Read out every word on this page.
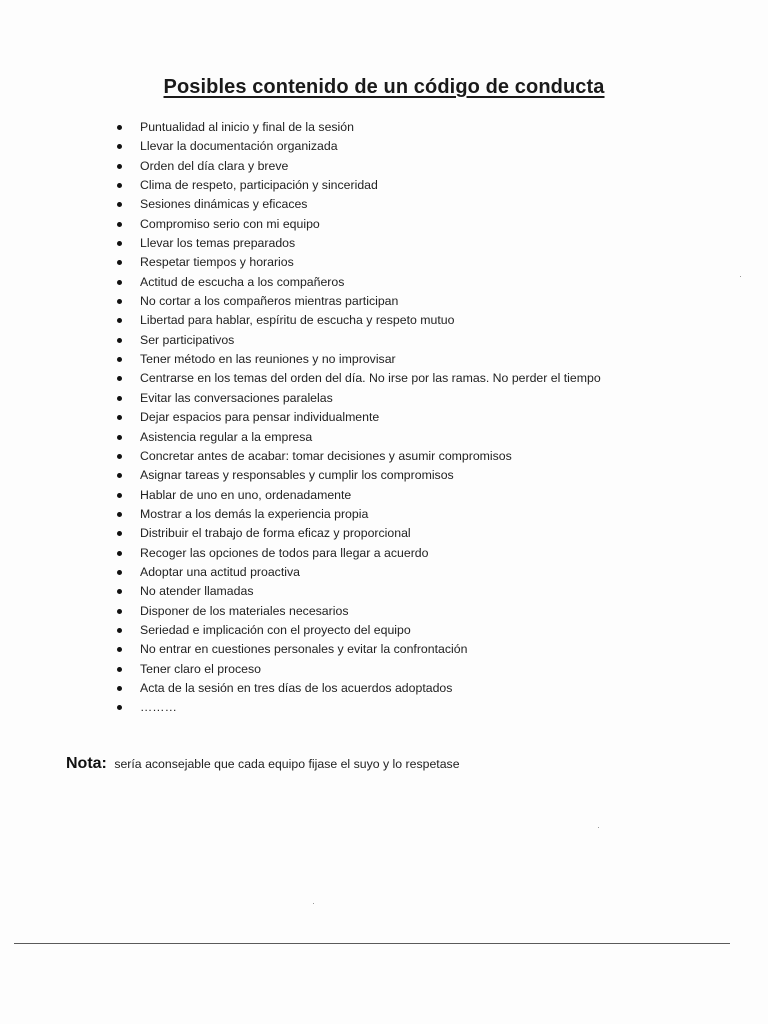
Posibles contenido de un código de conducta
Puntualidad al inicio y final de la sesión
Llevar la documentación organizada
Orden del día clara y breve
Clima de respeto, participación y sinceridad
Sesiones dinámicas y eficaces
Compromiso serio con mi equipo
Llevar los temas preparados
Respetar tiempos y horarios
Actitud de escucha a los compañeros
No cortar a los compañeros mientras participan
Libertad para hablar, espíritu de escucha y respeto mutuo
Ser participativos
Tener método en las reuniones y no improvisar
Centrarse en los temas del orden del día. No irse por las ramas. No perder el tiempo
Evitar las conversaciones paralelas
Dejar espacios para pensar individualmente
Asistencia regular a la empresa
Concretar antes de acabar: tomar decisiones y asumir compromisos
Asignar tareas y responsables y cumplir los compromisos
Hablar de uno en uno, ordenadamente
Mostrar a los demás la experiencia propia
Distribuir el trabajo de forma eficaz y proporcional
Recoger las opciones de todos para llegar a acuerdo
Adoptar una actitud proactiva
No atender llamadas
Disponer de los materiales necesarios
Seriedad e implicación con el proyecto del equipo
No entrar en cuestiones personales y evitar la confrontación
Tener claro el proceso
Acta de la sesión en tres días de los acuerdos adoptados
………
Nota: sería aconsejable que cada equipo fijase el suyo y lo respetase
